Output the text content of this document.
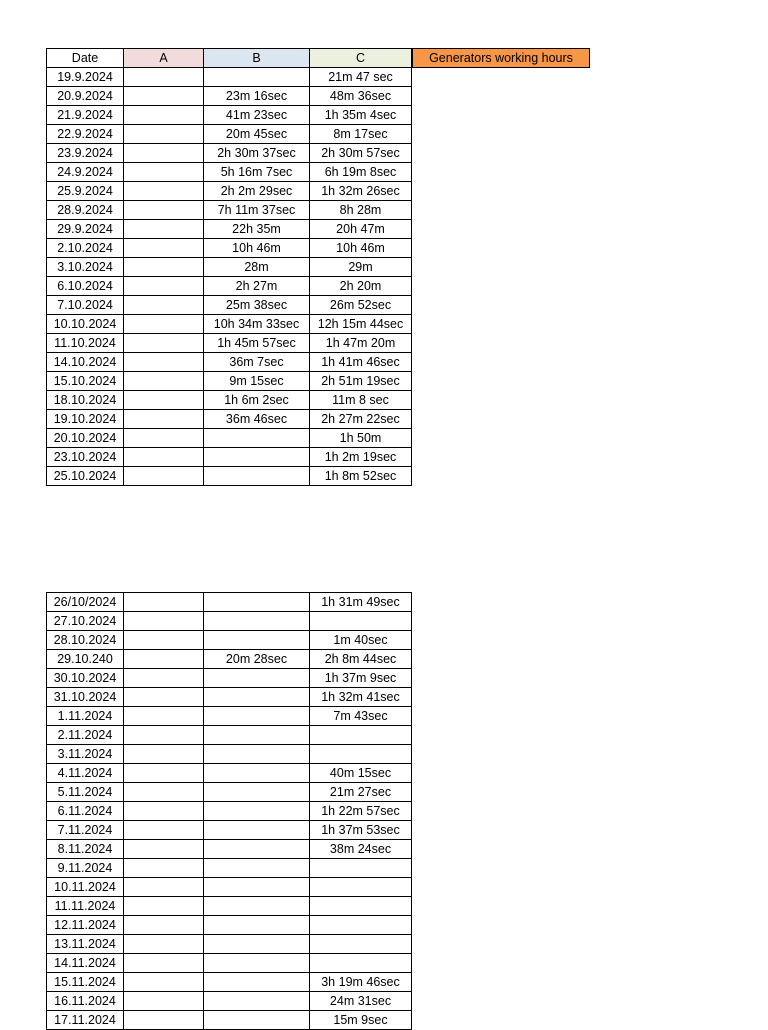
Date	A	B	C
19.9.2024			21m 47 sec
20.9.2024		23m 16sec	48m 36sec
21.9.2024		41m 23sec	1h 35m 4sec
22.9.2024		20m 45sec	8m 17sec
23.9.2024		2h 30m 37sec	2h 30m 57sec
24.9.2024		5h 16m 7sec	6h 19m 8sec
25.9.2024		2h 2m 29sec	1h 32m 26sec
28.9.2024		7h 11m 37sec	8h 28m
29.9.2024		22h 35m	20h 47m
2.10.2024		10h 46m	10h 46m
3.10.2024		28m	29m
6.10.2024		2h 27m	2h 20m
7.10.2024		25m 38sec	26m 52sec
10.10.2024		10h 34m 33sec	12h 15m 44sec
11.10.2024		1h 45m 57sec	1h 47m 20m
14.10.2024		36m 7sec	1h 41m 46sec
15.10.2024		9m 15sec	2h 51m 19sec
18.10.2024		1h 6m 2sec	11m 8 sec
19.10.2024		36m 46sec	2h 27m 22sec
20.10.2024			1h 50m
23.10.2024			1h 2m 19sec
25.10.2024			1h 8m 52sec
Generators working hours
26/10/2024			1h 31m 49sec
27.10.2024			
28.10.2024			1m 40sec
29.10.240		20m 28sec	2h 8m 44sec
30.10.2024			1h 37m 9sec
31.10.2024			1h 32m 41sec
1.11.2024			7m 43sec
2.11.2024			
3.11.2024			
4.11.2024			40m 15sec
5.11.2024			21m 27sec
6.11.2024			1h 22m 57sec
7.11.2024			1h 37m 53sec
8.11.2024			38m 24sec
9.11.2024			
10.11.2024			
11.11.2024			
12.11.2024			
13.11.2024			
14.11.2024			
15.11.2024			3h 19m 46sec
16.11.2024			24m 31sec
17.11.2024			15m 9sec
